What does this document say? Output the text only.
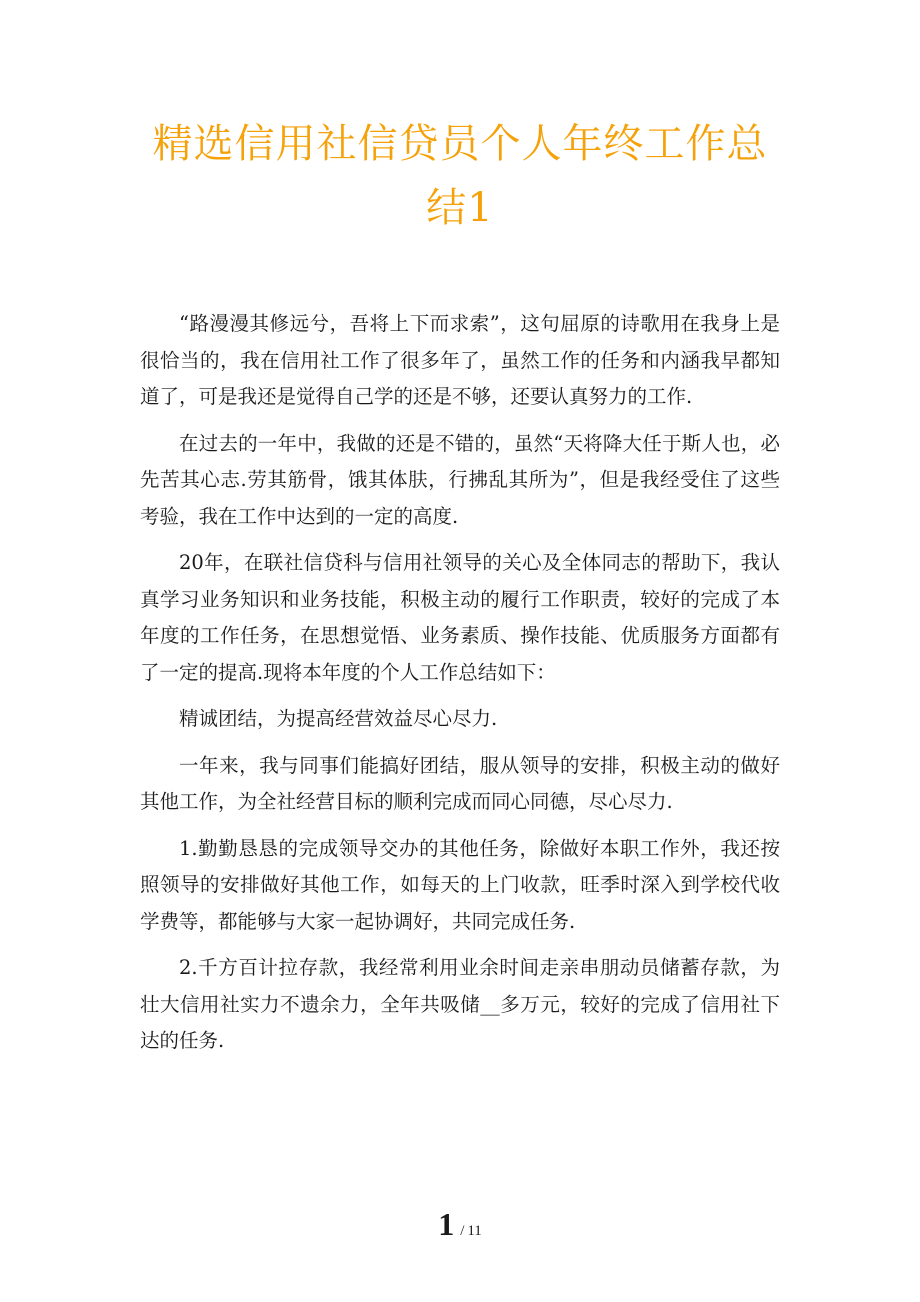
精选信用社信贷员个人年终工作总结1

“路漫漫其修远兮，吾将上下而求索”，这句屈原的诗歌用在我身上是很恰当的，我在信用社工作了很多年了，虽然工作的任务和内涵我早都知道了，可是我还是觉得自己学的还是不够，还要认真努力的工作.

在过去的一年中，我做的还是不错的，虽然“天将降大任于斯人也，必先苦其心志.劳其筋骨，饿其体肤，行拂乱其所为”，但是我经受住了这些考验，我在工作中达到的一定的高度.

20年，在联社信贷科与信用社领导的关心及全体同志的帮助下，我认真学习业务知识和业务技能，积极主动的履行工作职责，较好的完成了本年度的工作任务，在思想觉悟、业务素质、操作技能、优质服务方面都有了一定的提高.现将本年度的个人工作总结如下：

精诚团结，为提高经营效益尽心尽力.

一年来，我与同事们能搞好团结，服从领导的安排，积极主动的做好其他工作，为全社经营目标的顺利完成而同心同德，尽心尽力.

1.勤勤恳恳的完成领导交办的其他任务，除做好本职工作外，我还按照领导的安排做好其他工作，如每天的上门收款，旺季时深入到学校代收学费等，都能够与大家一起协调好，共同完成任务.

2.千方百计拉存款，我经常利用业余时间走亲串朋动员储蓄存款，为壮大信用社实力不遗余力，全年共吸储__多万元，较好的完成了信用社下达的任务.

1 / 11
